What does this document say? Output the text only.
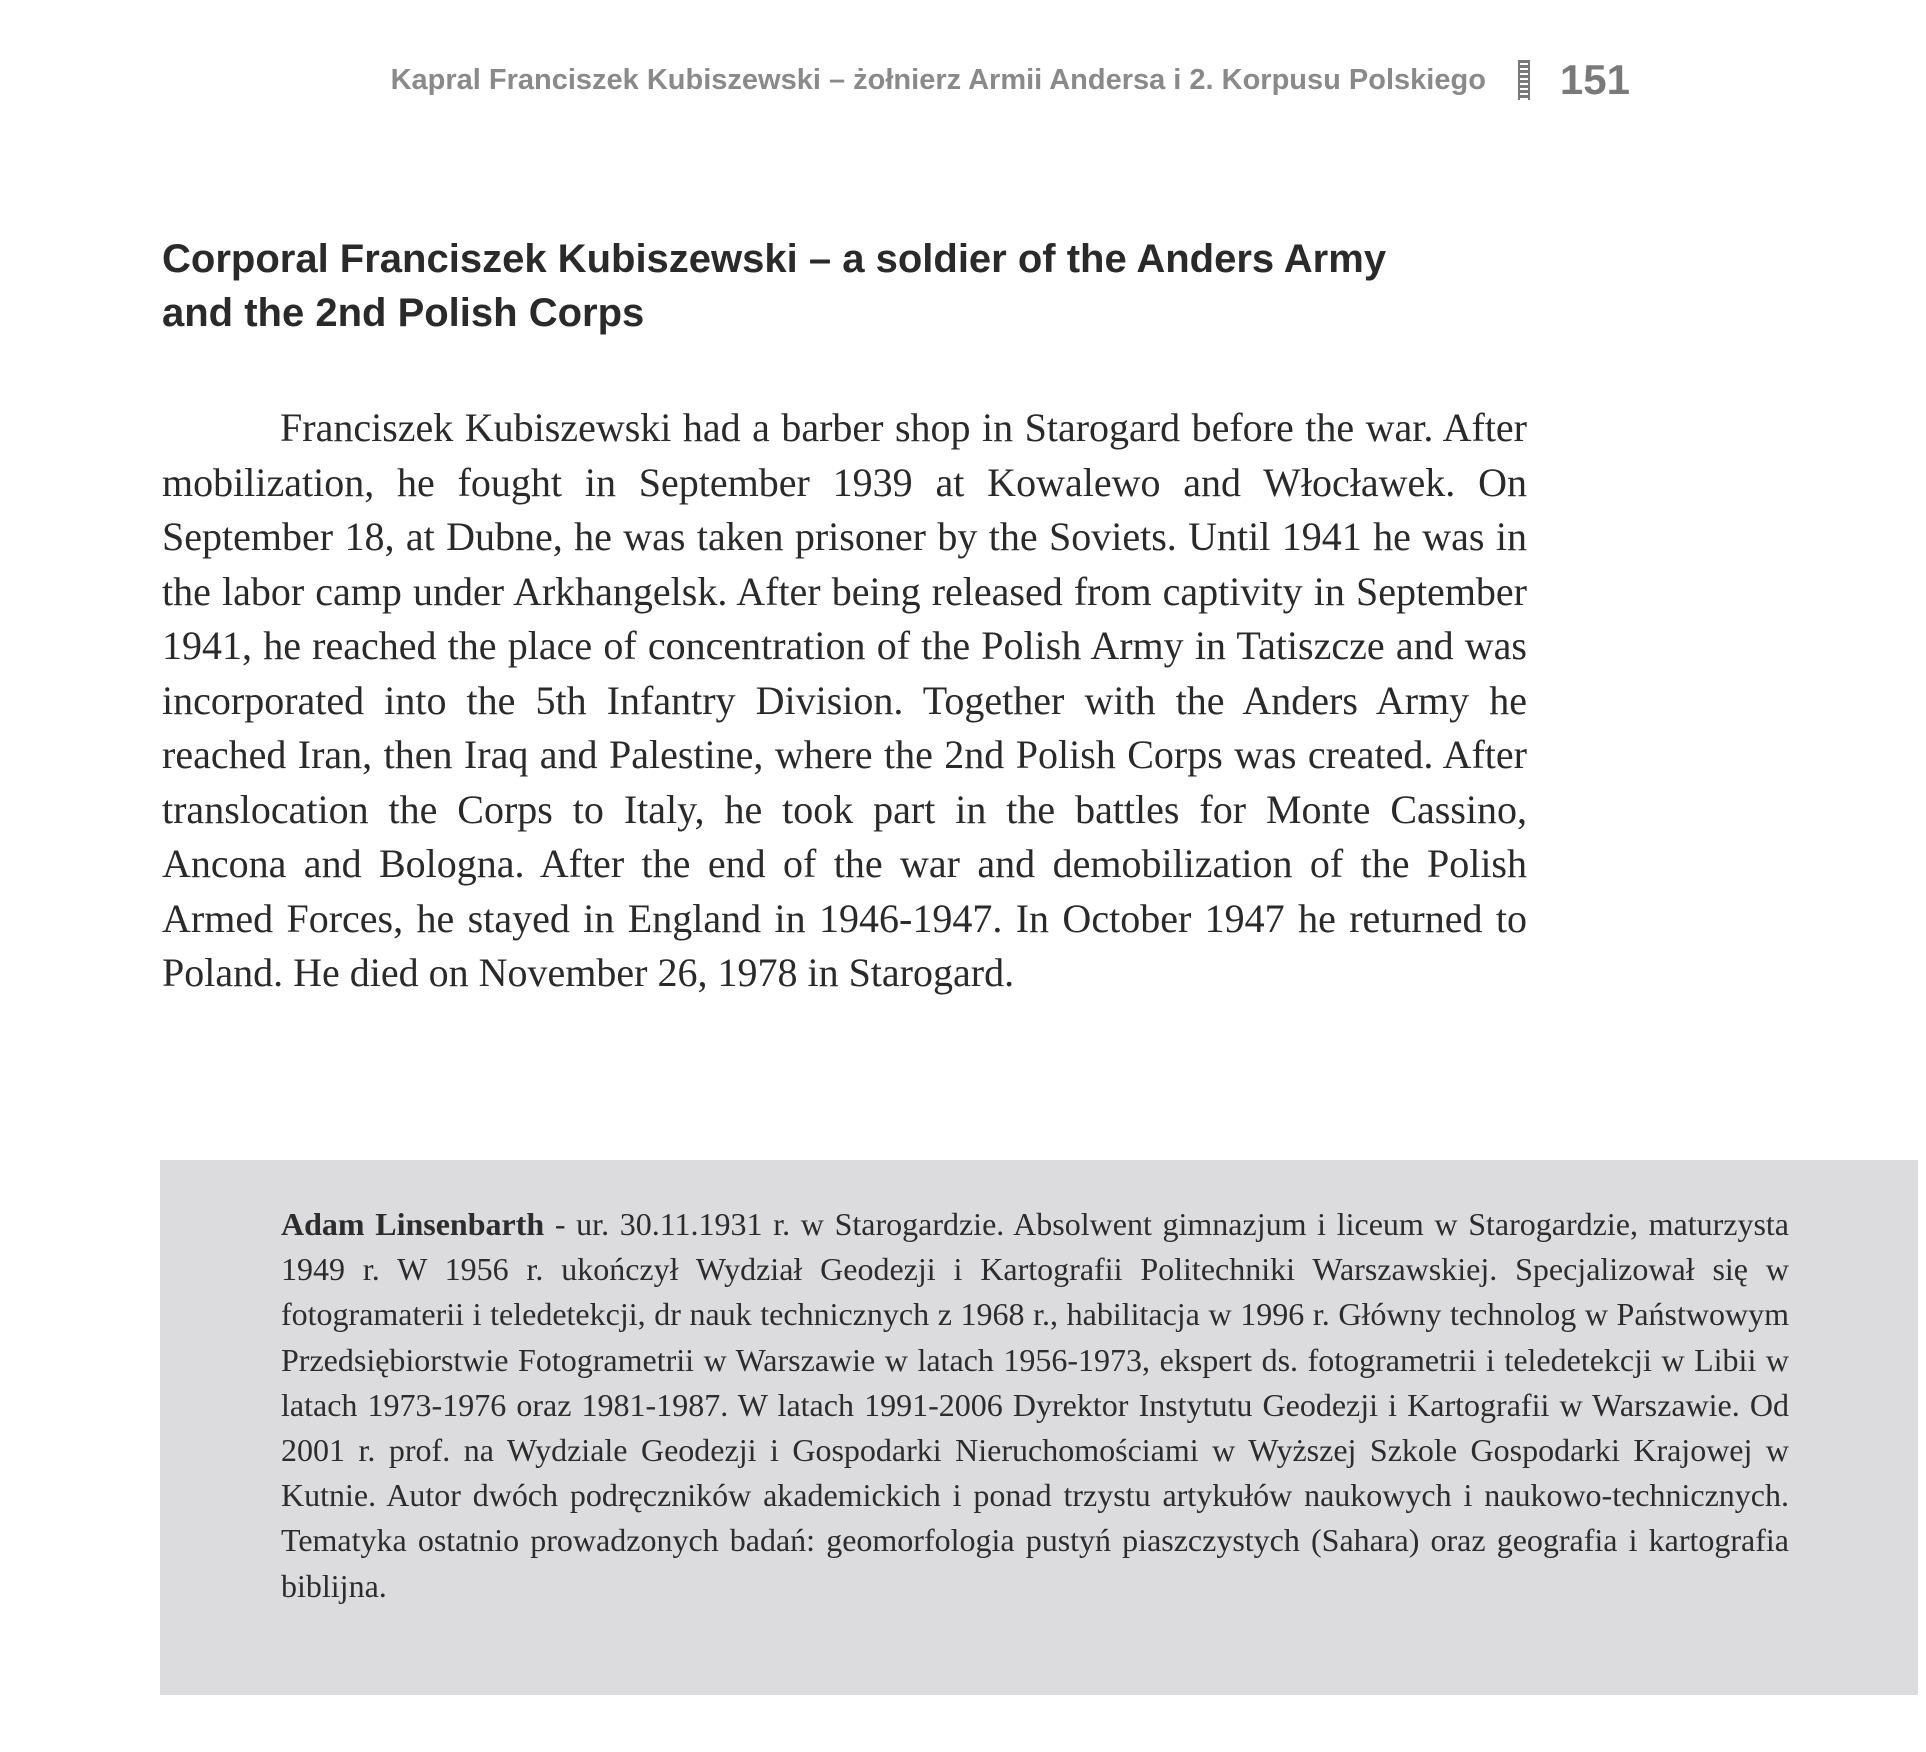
Kapral Franciszek Kubiszewski – żołnierz Armii Andersa i 2. Korpusu Polskiego 151
Corporal Franciszek Kubiszewski – a soldier of the Anders Army and the 2nd Polish Corps

Franciszek Kubiszewski had a barber shop in Starogard before the war. After mobilization, he fought in September 1939 at Kowalewo and Włocławek. On September 18, at Dubne, he was taken prisoner by the Soviets. Until 1941 he was in the labor camp under Arkhangelsk. After being released from captivity in September 1941, he reached the place of concentration of the Polish Army in Tatiszcze and was incorporated into the 5th Infantry Division. Together with the Anders Army he reached Iran, then Iraq and Palestine, where the 2nd Polish Corps was created. After translocation the Corps to Italy, he took part in the battles for Monte Cassino, Ancona and Bologna. After the end of the war and demobilization of the Polish Armed Forces, he stayed in England in 1946-1947. In October 1947 he returned to Poland. He died on November 26, 1978 in Starogard.

Adam Linsenbarth - ur. 30.11.1931 r. w Starogardzie. Absolwent gimnazjum i liceum w Starogardzie, maturzysta 1949 r. W 1956 r. ukończył Wydział Geodezji i Kartografii Politechniki Warszawskiej. Specjalizował się w fotogramaterii i teledetekcji, dr nauk technicznych z 1968 r., habilitacja w 1996 r. Główny technolog w Państwowym Przedsiębiorstwie Fotogrametrii w Warszawie w latach 1956-1973, ekspert ds. fotogrametrii i teledetekcji w Libii w latach 1973-1976 oraz 1981-1987. W latach 1991-2006 Dyrektor Instytutu Geodezji i Kartografii w Warszawie. Od 2001 r. prof. na Wydziale Geodezji i Gospodarki Nieruchomościami w Wyższej Szkole Gospodarki Krajowej w Kutnie. Autor dwóch podręczników akademickich i ponad trzystu artykułów naukowych i naukowo-technicznych. Tematyka ostatnio prowadzonych badań: geomorfologia pustyń piaszczystych (Sahara) oraz geografia i kartografia biblijna.
